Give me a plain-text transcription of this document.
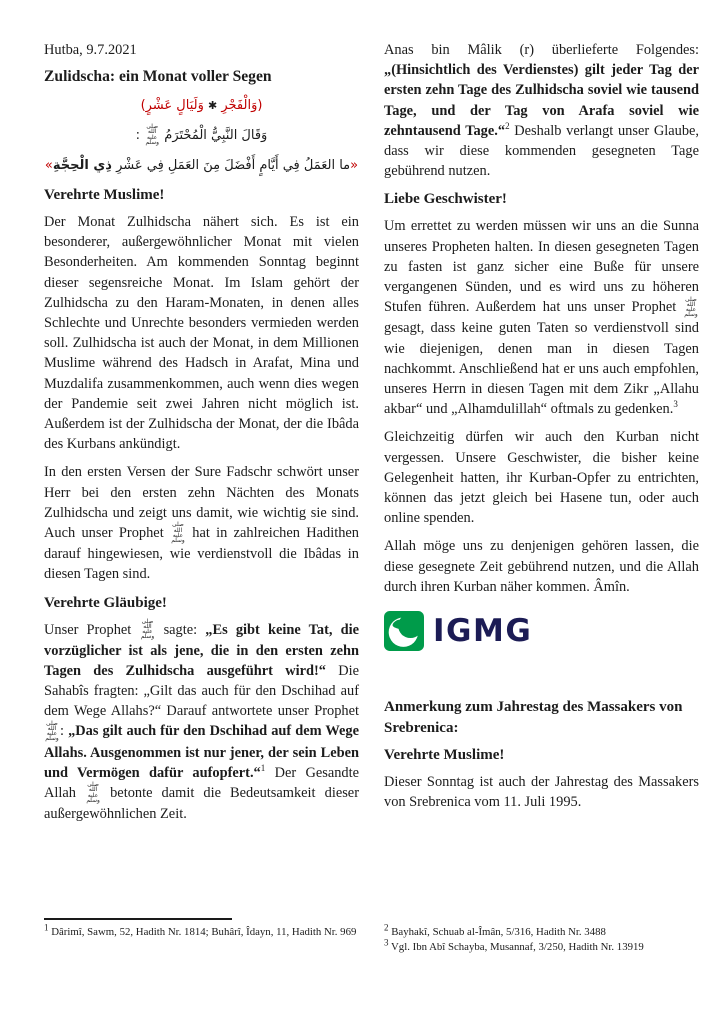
Hutba, 9.7.2021

Zulidscha: ein Monat voller Segen

(وَالْفَجْرِ ✱ وَلَيَالٍ عَشْرٍ)
وَقَالَ النَّبِيُّ الْمُحْتَرَمُ صلى الله عليه وسلم :
«ما العَمَلُ فِي أَيَّامٍ أَفْضَلَ مِنَ العَمَلِ فِي عَشْرِ ذِي الْحِجَّةِ»

Verehrte Muslime!

Der Monat Zulhidscha nähert sich. Es ist ein besonderer, außergewöhnlicher Monat mit vielen Besonderheiten. Am kommenden Sonntag beginnt dieser segensreiche Monat. Im Islam gehört der Zulhidscha zu den Haram-Monaten, in denen alles Schlechte und Unrechte besonders vermieden werden soll. Zulhidscha ist auch der Monat, in dem Millionen Muslime während des Hadsch in Arafat, Mina und Muzdalifa zusammenkommen, auch wenn dies wegen der Pandemie seit zwei Jahren nicht möglich ist. Außerdem ist der Zulhidscha der Monat, der die Ibâda des Kurbans ankündigt.

In den ersten Versen der Sure Fadschr schwört unser Herr bei den ersten zehn Nächten des Monats Zulhidscha und zeigt uns damit, wie wichtig sie sind. Auch unser Prophet صلى الله عليه وسلم hat in zahlreichen Hadithen darauf hingewiesen, wie verdienstvoll die Ibâdas in diesen Tagen sind.

Verehrte Gläubige!

Unser Prophet صلى الله عليه وسلم sagte: „Es gibt keine Tat, die vorzüglicher ist als jene, die in den ersten zehn Tagen des Zulhidscha ausgeführt wird!“ Die Sahabîs fragten: „Gilt das auch für den Dschihad auf dem Wege Allahs?“ Darauf antwortete unser Prophet صلى الله عليه وسلم: „Das gilt auch für den Dschihad auf dem Wege Allahs. Ausgenommen ist nur jener, der sein Leben und Vermögen dafür aufopfert.“$^1$ Der Gesandte Allah صلى الله عليه وسلم betonte damit die Bedeutsamkeit dieser außergewöhnlichen Zeit.

$^1$ Dârimî, Sawm, 52, Hadith Nr. 1814; Buhârî, Îdayn, 11, Hadith Nr. 969

Anas bin Mâlik (r) überlieferte Folgendes: „(Hinsichtlich des Verdienstes) gilt jeder Tag der ersten zehn Tage des Zulhidscha soviel wie tausend Tage, und der Tag von Arafa soviel wie zehntausend Tage.“$^2$ Deshalb verlangt unser Glaube, dass wir diese kommenden gesegneten Tage gebührend nutzen.

Liebe Geschwister!

Um errettet zu werden müssen wir uns an die Sunna unseres Propheten halten. In diesen gesegneten Tagen zu fasten ist ganz sicher eine Buße für unsere vergangenen Sünden, und es wird uns zu höheren Stufen führen. Außerdem hat uns unser Prophet صلى الله عليه وسلم gesagt, dass keine guten Taten so verdienstvoll sind wie diejenigen, denen man in diesen Tagen nachkommt. Anschließend hat er uns auch empfohlen, unseres Herrn in diesen Tagen mit dem Zikr „Allahu akbar“ und „Alhamdulillah“ oftmals zu gedenken.$^3$

Gleichzeitig dürfen wir auch den Kurban nicht vergessen. Unsere Geschwister, die bisher keine Gelegenheit hatten, ihr Kurban-Opfer zu entrichten, können das jetzt gleich bei Hasene tun, oder auch online spenden.

Allah möge uns zu denjenigen gehören lassen, die diese gesegnete Zeit gebührend nutzen, und die Allah durch ihren Kurban näher kommen. Âmîn.

IGMG

Anmerkung zum Jahrestag des Massakers von Srebrenica:

Verehrte Muslime!

Dieser Sonntag ist auch der Jahrestag des Massakers von Srebrenica vom 11. Juli 1995.

$^2$ Bayhakî, Schuab al-Îmân, 5/316, Hadith Nr. 3488

$^3$ Vgl. Ibn Abî Schayba, Musannaf, 3/250, Hadith Nr. 13919
